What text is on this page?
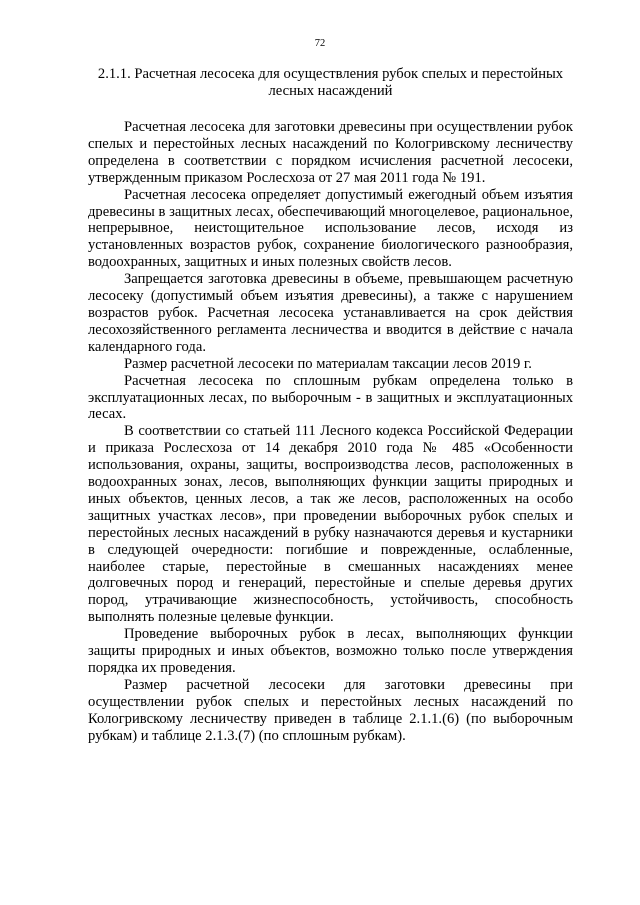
72
2.1.1. Расчетная лесосека для осуществления рубок спелых и перестойных
лесных насаждений

Расчетная лесосека для заготовки древесины при осуществлении рубок спелых и перестойных лесных насаждений по Кологривскому лесничеству определена в соответствии с порядком исчисления расчетной лесосеки, утвержденным приказом Рослесхоза от 27 мая 2011 года № 191.

Расчетная лесосека определяет допустимый ежегодный объем изъятия древесины в защитных лесах, обеспечивающий многоцелевое, рациональное, непрерывное, неистощительное использование лесов, исходя из установленных возрастов рубок, сохранение биологического разнообразия, водоохранных, защитных и иных полезных свойств лесов.

Запрещается заготовка древесины в объеме, превышающем расчетную лесосеку (допустимый объем изъятия древесины), а также с нарушением возрастов рубок. Расчетная лесосека устанавливается на срок действия лесохозяйственного регламента лесничества и вводится в действие с начала календарного года.

Размер расчетной лесосеки по материалам таксации лесов 2019 г.

Расчетная лесосека по сплошным рубкам определена только в эксплуатационных лесах, по выборочным - в защитных и эксплуатационных лесах.

В соответствии со статьей 111 Лесного кодекса Российской Федерации и приказа Рослесхоза от 14 декабря 2010 года № 485 «Особенности использования, охраны, защиты, воспроизводства лесов, расположенных в водоохранных зонах, лесов, выполняющих функции защиты природных и иных объектов, ценных лесов, а так же лесов, расположенных на особо защитных участках лесов», при проведении выборочных рубок спелых и перестойных лесных насаждений в рубку назначаются деревья и кустарники в следующей очередности: погибшие и поврежденные, ослабленные, наиболее старые, перестойные в смешанных насаждениях менее долговечных пород и генераций, перестойные и спелые деревья других пород, утрачивающие жизнеспособность, устойчивость, способность выполнять полезные целевые функции.

Проведение выборочных рубок в лесах, выполняющих функции защиты природных и иных объектов, возможно только после утверждения порядка их проведения.

Размер расчетной лесосеки для заготовки древесины при осуществлении рубок спелых и перестойных лесных насаждений по Кологривскому лесничеству приведен в таблице 2.1.1.(6) (по выборочным рубкам) и таблице 2.1.3.(7) (по сплошным рубкам).
